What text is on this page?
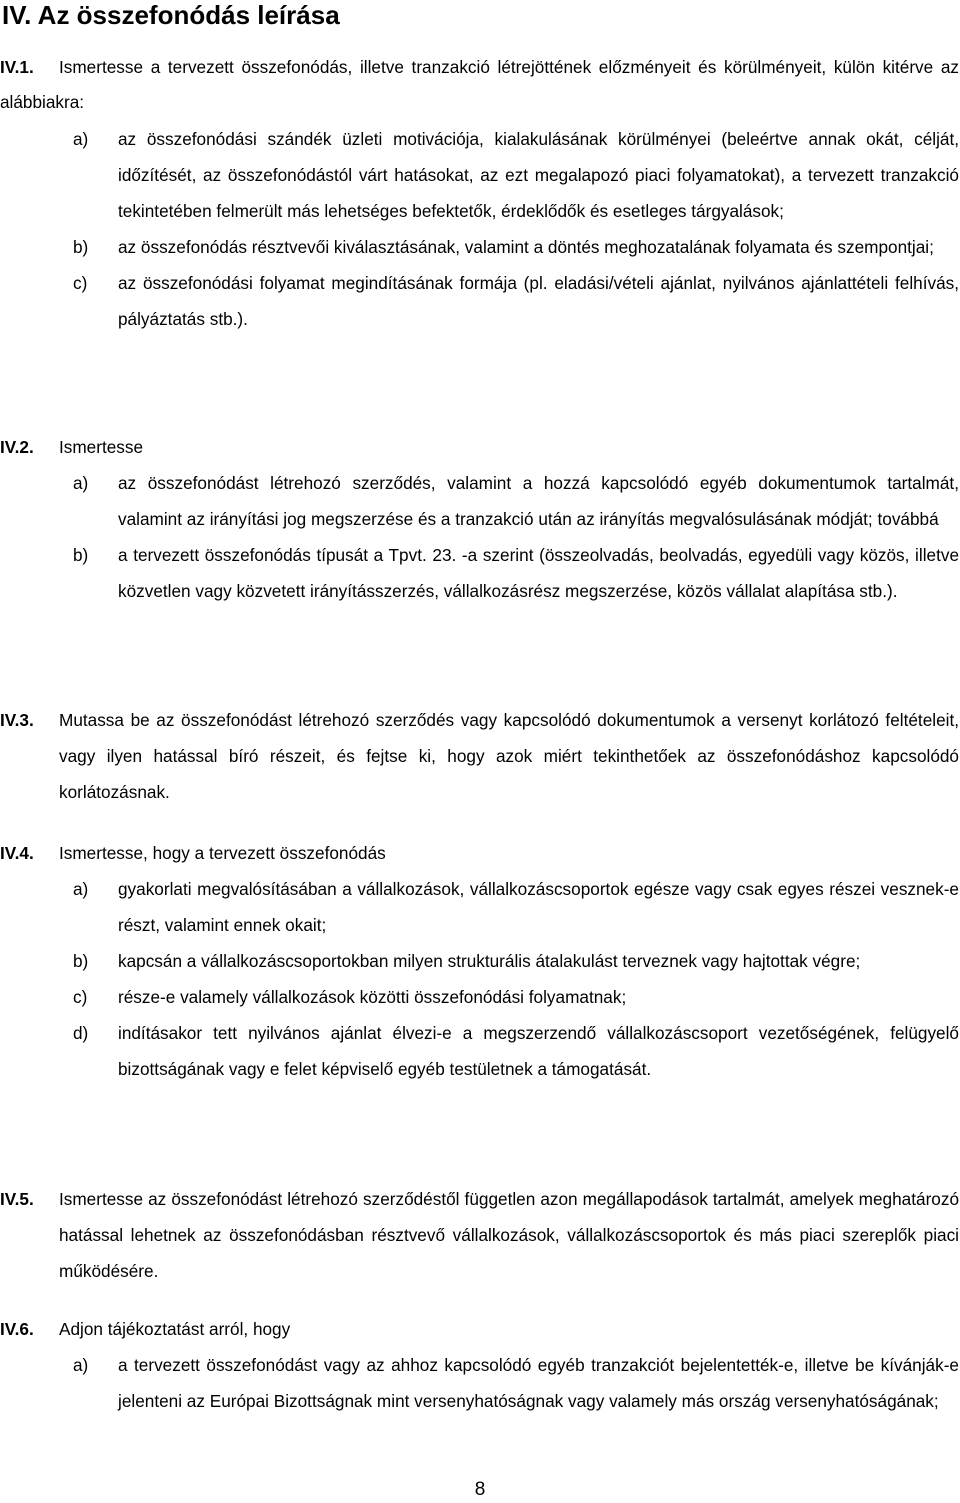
IV. Az összefonódás leírása
IV.1.	Ismertesse a tervezett összefonódás, illetve tranzakció létrejöttének előzményeit és körülményeit, külön kitérve az alábbiakra:
a) az összefonódási szándék üzleti motivációja, kialakulásának körülményei (beleértve annak okát, célját, időzítését, az összefonódástól várt hatásokat, az ezt megalapozó piaci folyamatokat), a tervezett tranzakció tekintetében felmerült más lehetséges befektetők, érdeklődők és esetleges tárgyalások;
b) az összefonódás résztvevői kiválasztásának, valamint a döntés meghozatalának folyamata és szempontjai;
c) az összefonódási folyamat megindításának formája (pl. eladási/vételi ajánlat, nyilvános ajánlattételi felhívás, pályáztatás stb.).
IV.2. Ismertesse
a) az összefonódást létrehozó szerződés, valamint a hozzá kapcsolódó egyéb dokumentumok tartalmát, valamint az irányítási jog megszerzése és a tranzakció után az irányítás megvalósulásának módját; továbbá
b) a tervezett összefonódás típusát a Tpvt. 23. -a szerint (összeolvadás, beolvadás, egyedüli vagy közös, illetve közvetlen vagy közvetett irányításszerzés, vállalkozásrész megszerzése, közös vállalat alapítása stb.).
IV.3. Mutassa be az összefonódást létrehozó szerződés vagy kapcsolódó dokumentumok a versenyt korlátozó feltételeit, vagy ilyen hatással bíró részeit, és fejtse ki, hogy azok miért tekinthetőek az összefonódáshoz kapcsolódó korlátozásnak.
IV.4. Ismertesse, hogy a tervezett összefonódás
a) gyakorlati megvalósításában a vállalkozások, vállalkozáscsoportok egésze vagy csak egyes részei vesznek-e részt, valamint ennek okait;
b) kapcsán a vállalkozáscsoportokban milyen strukturális átalakulást terveznek vagy hajtottak végre;
c) része-e valamely vállalkozások közötti összefonódási folyamatnak;
d) indításakor tett nyilvános ajánlat élvezi-e a megszerzendő vállalkozáscsoport vezetőségének, felügyelő bizottságának vagy e felet képviselő egyéb testületnek a támogatását.
IV.5. Ismertesse az összefonódást létrehozó szerződéstől független azon megállapodások tartalmát, amelyek meghatározó hatással lehetnek az összefonódásban résztvevő vállalkozások, vállalkozáscsoportok és más piaci szereplők piaci működésére.
IV.6. Adjon tájékoztatást arról, hogy
a) a tervezett összefonódást vagy az ahhoz kapcsolódó egyéb tranzakciót bejelentették-e, illetve be kívánják-e jelenteni az Európai Bizottságnak mint versenyhatóságnak vagy valamely más ország versenyhatóságának;
8
